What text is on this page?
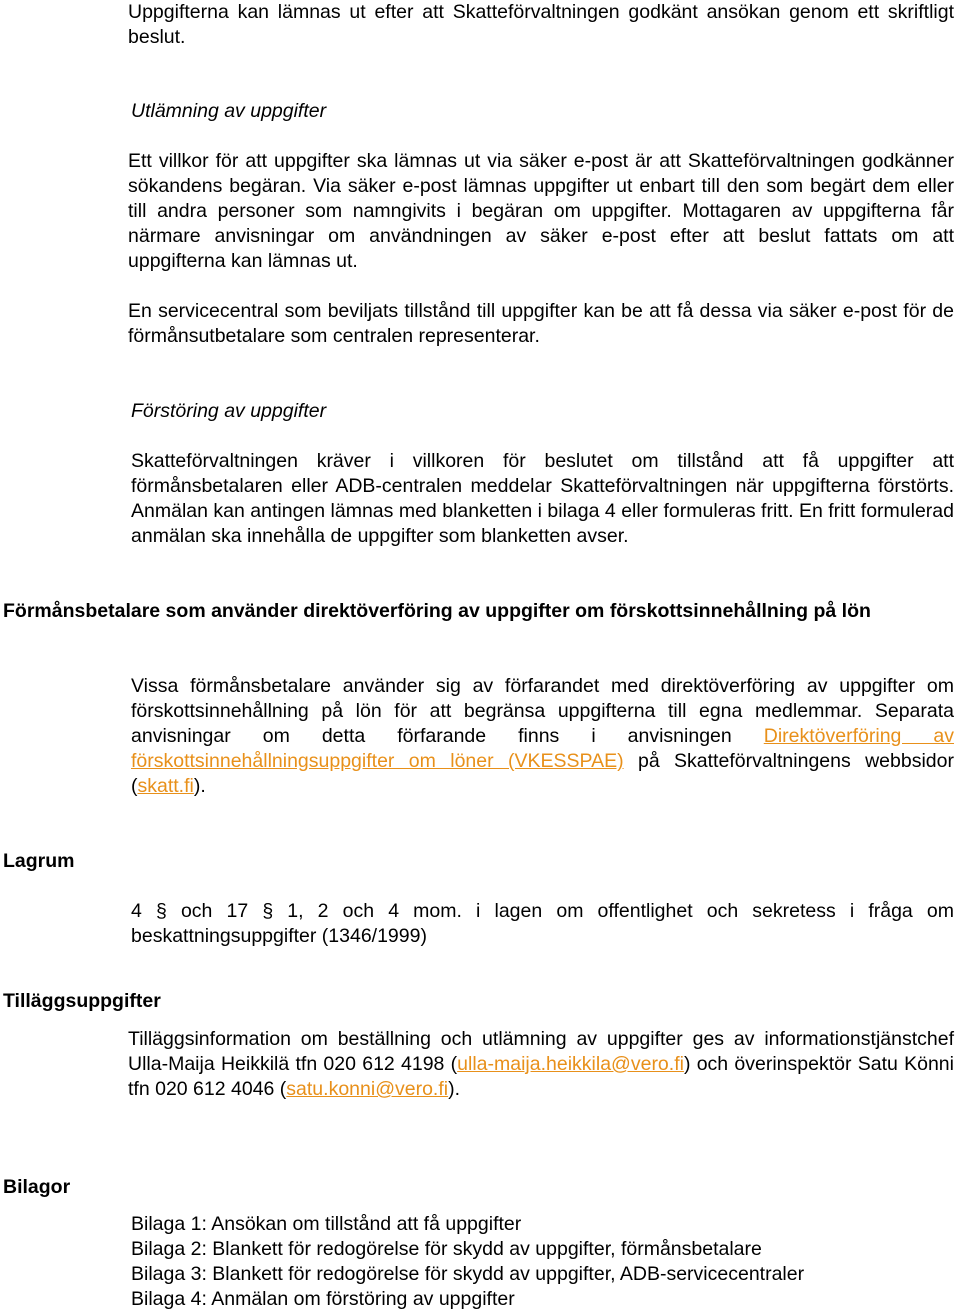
Uppgifterna kan lämnas ut efter att Skatteförvaltningen godkänt ansökan genom ett skriftligt beslut.

Utlämning av uppgifter

Ett villkor för att uppgifter ska lämnas ut via säker e-post är att Skatteförvaltningen godkänner sökandens begäran. Via säker e-post lämnas uppgifter ut enbart till den som begärt dem eller till andra personer som namngivits i begäran om uppgifter. Mottagaren av uppgifterna får närmare anvisningar om användningen av säker e-post efter att beslut fattats om att uppgifterna kan lämnas ut.

En servicecentral som beviljats tillstånd till uppgifter kan be att få dessa via säker e-post för de förmånsutbetalare som centralen representerar.

Förstöring av uppgifter

Skatteförvaltningen kräver i villkoren för beslutet om tillstånd att få uppgifter att förmånsbetalaren eller ADB-centralen meddelar Skatteförvaltningen när uppgifterna förstörts. Anmälan kan antingen lämnas med blanketten i bilaga 4 eller formuleras fritt. En fritt formulerad anmälan ska innehålla de uppgifter som blanketten avser.

Förmånsbetalare som använder direktöverföring av uppgifter om förskottsinnehållning på lön

Vissa förmånsbetalare använder sig av förfarandet med direktöverföring av uppgifter om förskottsinnehållning på lön för att begränsa uppgifterna till egna medlemmar. Separata anvisningar om detta förfarande finns i anvisningen Direktöverföring av förskottsinnehållningsuppgifter om löner (VKESSPAE) på Skatteförvaltningens webbsidor (skatt.fi).

Lagrum

4 § och 17 § 1, 2 och 4 mom. i lagen om offentlighet och sekretess i fråga om beskattningsuppgifter (1346/1999)

Tilläggsuppgifter

Tilläggsinformation om beställning och utlämning av uppgifter ges av informationstjänstchef Ulla-Maija Heikkilä tfn 020 612 4198 (ulla-maija.heikkila@vero.fi) och överinspektör Satu Könni tfn 020 612 4046 (satu.konni@vero.fi).

Bilagor
Bilaga 1: Ansökan om tillstånd att få uppgifter
Bilaga 2: Blankett för redogörelse för skydd av uppgifter, förmånsbetalare
Bilaga 3: Blankett för redogörelse för skydd av uppgifter, ADB-servicecentraler
Bilaga 4: Anmälan om förstöring av uppgifter
